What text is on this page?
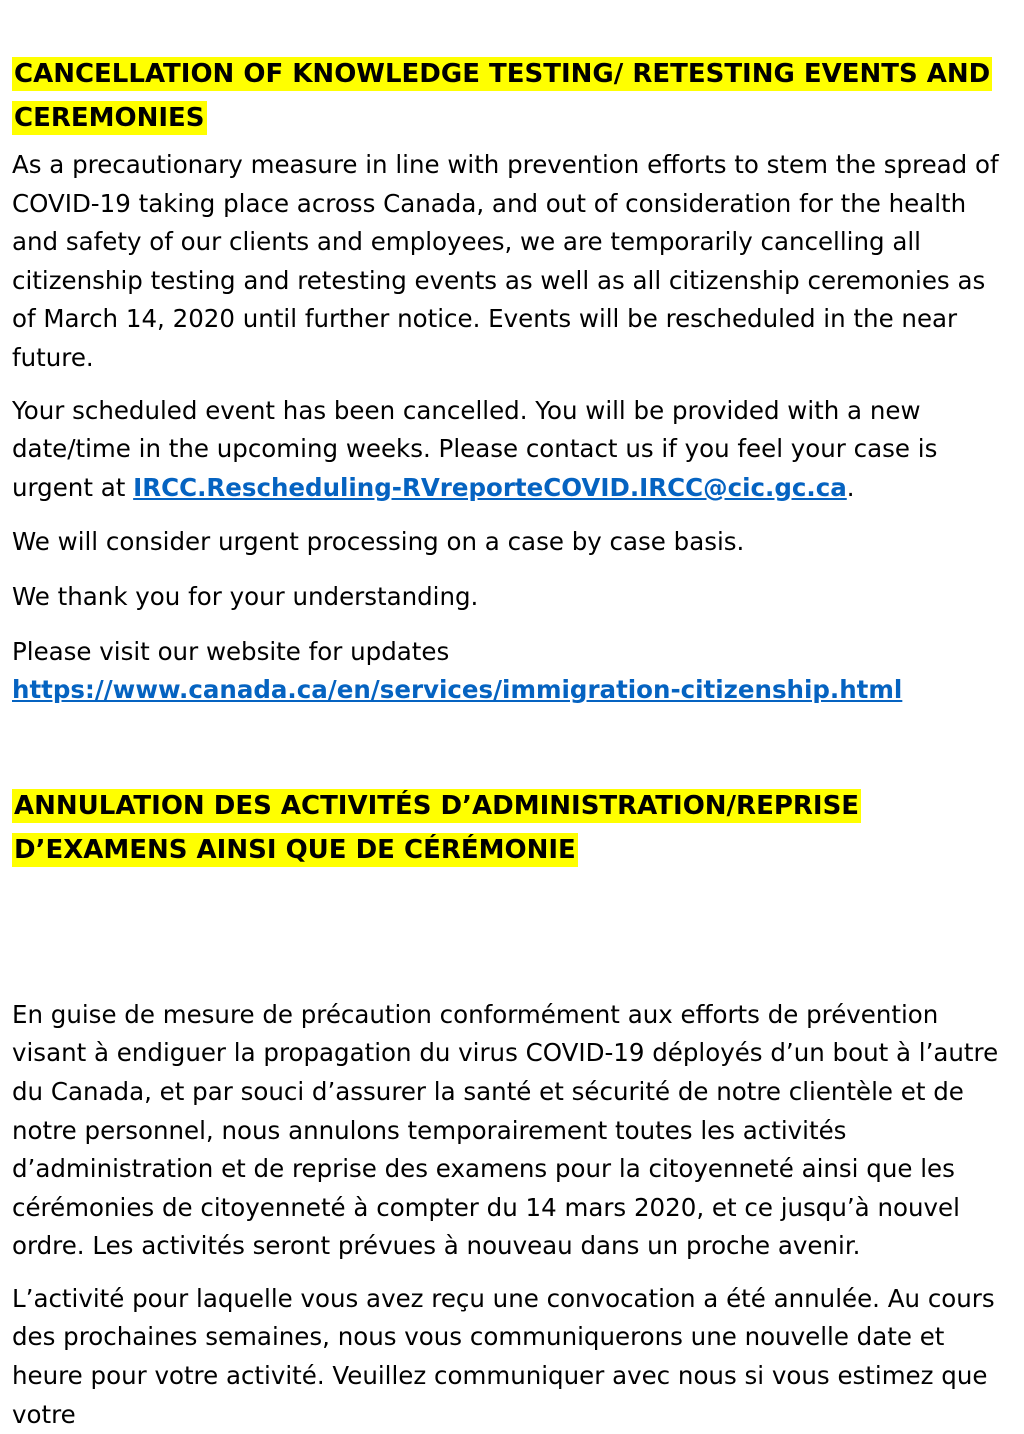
CANCELLATION OF KNOWLEDGE TESTING/ RETESTING EVENTS AND
CEREMONIES

As a precautionary measure in line with prevention efforts to stem the spread of COVID-19 taking place across Canada, and out of consideration for the health and safety of our clients and employees, we are temporarily cancelling all citizenship testing and retesting events as well as all citizenship ceremonies as of March 14, 2020 until further notice. Events will be rescheduled in the near future.

Your scheduled event has been cancelled. You will be provided with a new date/time in the upcoming weeks. Please contact us if you feel your case is urgent at IRCC.Rescheduling-RVreporteCOVID.IRCC@cic.gc.ca.

We will consider urgent processing on a case by case basis.

We thank you for your understanding.

Please visit our website for updates
https://www.canada.ca/en/services/immigration-citizenship.html

ANNULATION DES ACTIVITÉS D’ADMINISTRATION/REPRISE
D’EXAMENS AINSI QUE DE CÉRÉMONIE

En guise de mesure de précaution conformément aux efforts de prévention visant à endiguer la propagation du virus COVID-19 déployés d’un bout à l’autre du Canada, et par souci d’assurer la santé et sécurité de notre clientèle et de notre personnel, nous annulons temporairement toutes les activités d’administration et de reprise des examens pour la citoyenneté ainsi que les cérémonies de citoyenneté à compter du 14 mars 2020, et ce jusqu’à nouvel ordre. Les activités seront prévues à nouveau dans un proche avenir.

L’activité pour laquelle vous avez reçu une convocation a été annulée. Au cours des prochaines semaines, nous vous communiquerons une nouvelle date et heure pour votre activité. Veuillez communiquer avec nous si vous estimez que votre
